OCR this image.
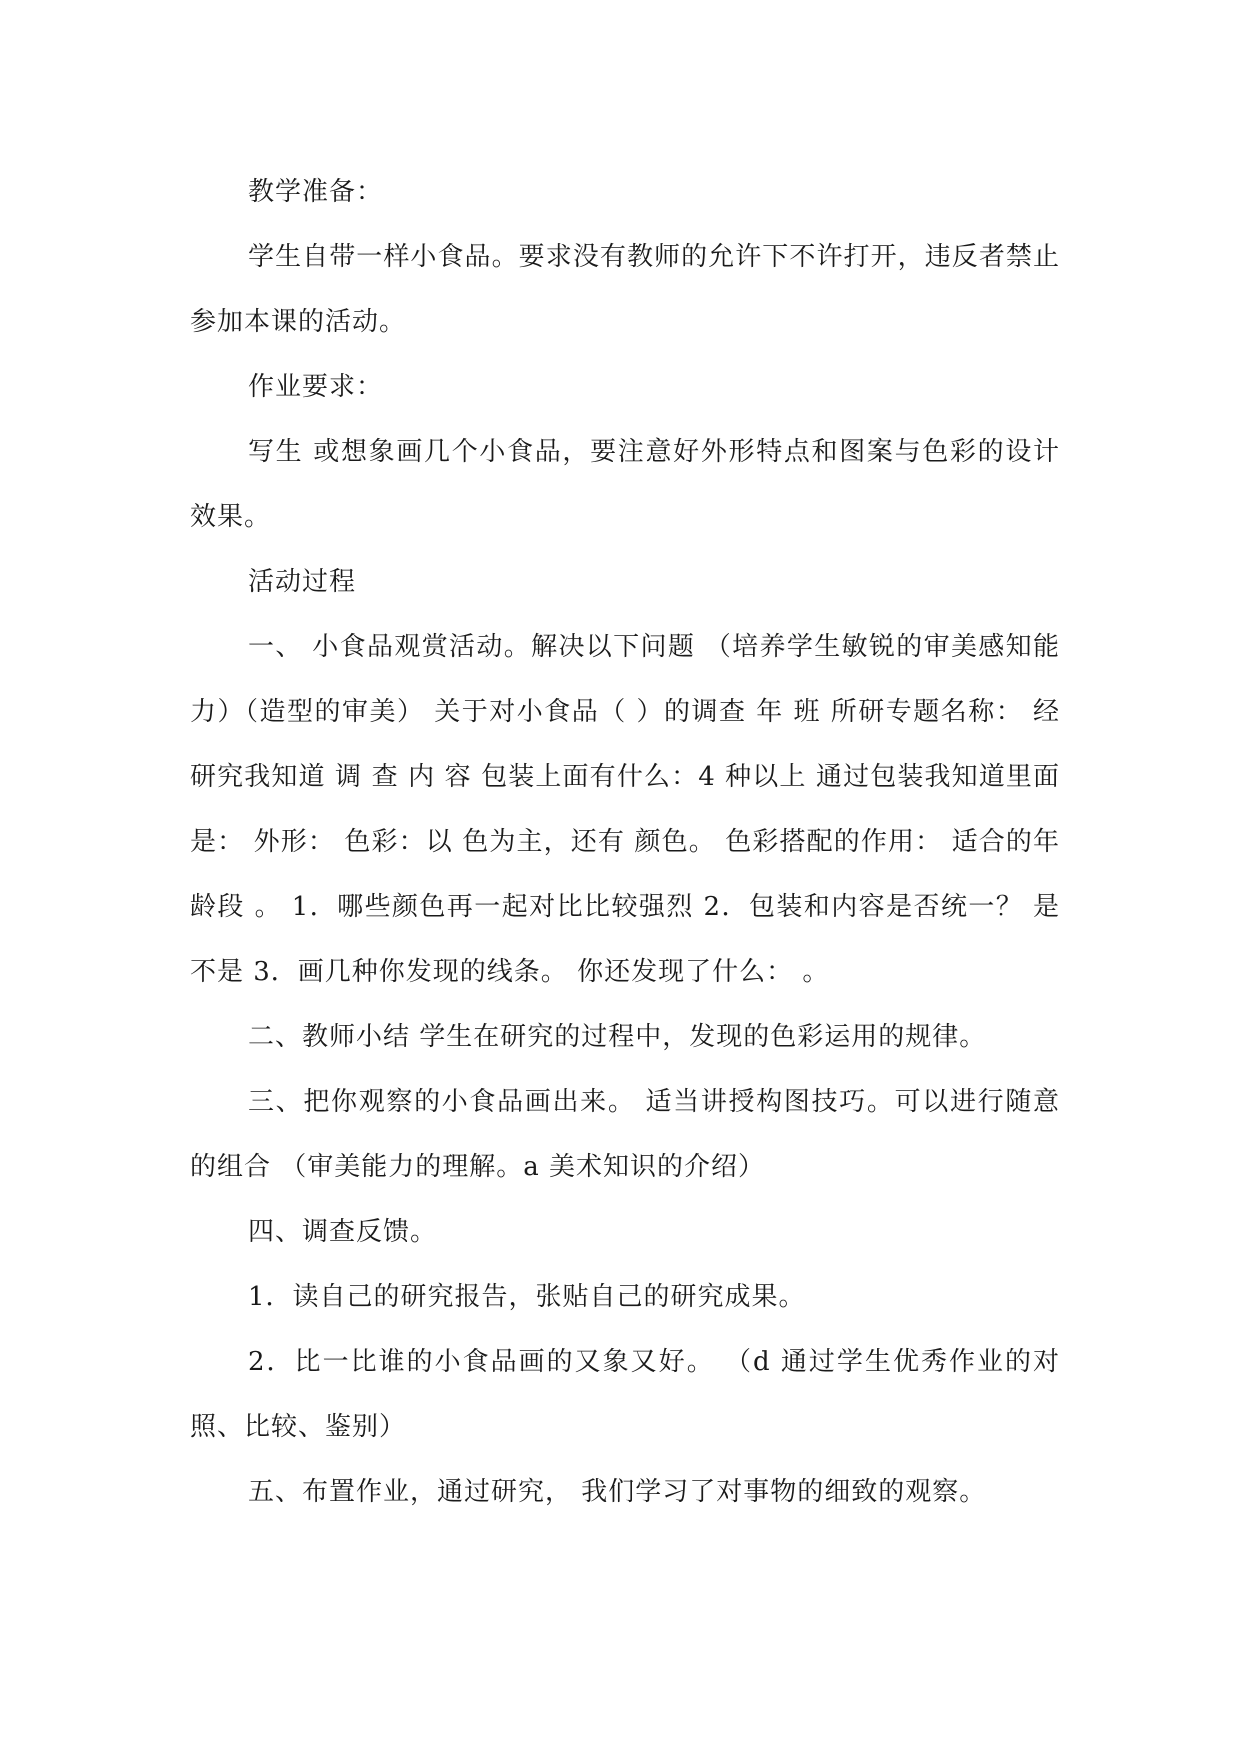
教学准备：

学生自带一样小食品。要求没有教师的允许下不许打开，违反者禁止参加本课的活动。

作业要求：

写生 或想象画几个小食品，要注意好外形特点和图案与色彩的设计效果。

活动过程

一、 小食品观赏活动。解决以下问题 （培养学生敏锐的审美感知能力）（造型的审美） 关于对小食品（ ）的调查 年 班 所研专题名称： 经研究我知道 调 查 内 容 包装上面有什么：4 种以上 通过包装我知道里面是： 外形： 色彩：以 色为主，还有 颜色。 色彩搭配的作用： 适合的年龄段 。 1．哪些颜色再一起对比比较强烈 2．包装和内容是否统一？ 是 不是 3．画几种你发现的线条。 你还发现了什么： 。

二、教师小结 学生在研究的过程中，发现的色彩运用的规律。

三、把你观察的小食品画出来。 适当讲授构图技巧。可以进行随意的组合 （审美能力的理解。a 美术知识的介绍）

四、调查反馈。

1．读自己的研究报告，张贴自己的研究成果。

2．比一比谁的小食品画的又象又好。 （d 通过学生优秀作业的对照、比较、鉴别）

五、布置作业，通过研究， 我们学习了对事物的细致的观察。
